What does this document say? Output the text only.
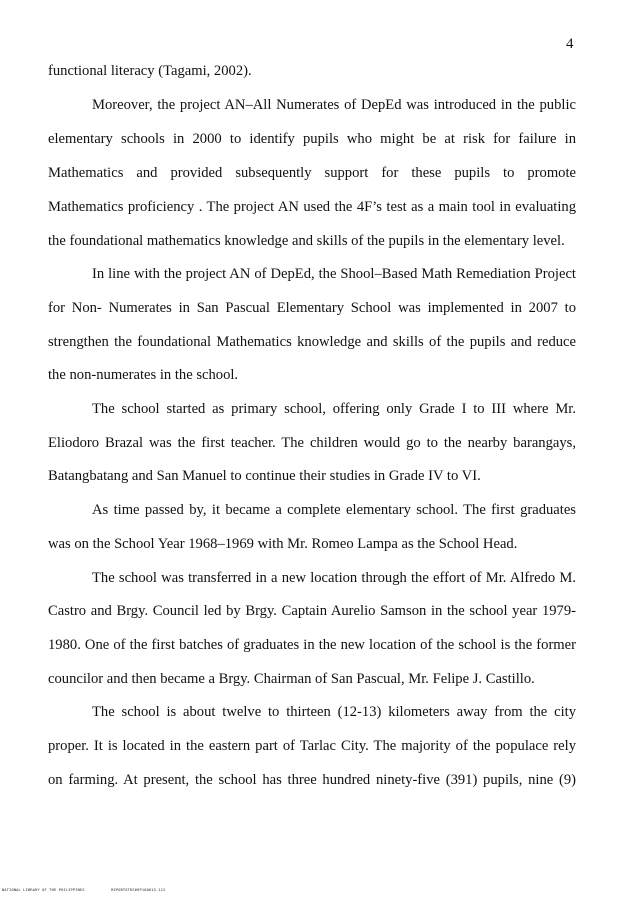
4
functional literacy (Tagami, 2002).
Moreover, the project AN–All Numerates of DepEd was introduced in the public
elementary schools in 2000 to identify pupils who might be at risk for failure in
Mathematics and provided subsequently support for these pupils to promote
Mathematics proficiency . The project AN used the 4F’s test as a main tool in evaluating
the foundational mathematics knowledge and skills of the pupils in the elementary level.
In line with the project AN of DepEd, the Shool–Based Math Remediation Project
for Non- Numerates in San Pascual Elementary School was implemented in 2007 to
strengthen the foundational Mathematics knowledge and skills of the pupils and reduce
the non-numerates in the school.
The school started as primary school, offering only Grade I to III where Mr.
Eliodoro Brazal was the first teacher. The children would go to the nearby barangays,
Batangbatang and San Manuel to continue their studies in Grade IV to VI.
As time passed by, it became a complete elementary school. The first graduates
was on the School Year 1968–1969 with Mr. Romeo Lampa as the School Head.
The school was transferred in a new location through the effort of Mr. Alfredo M.
Castro and Brgy. Council led by Brgy. Captain Aurelio Samson in the school year 1979-
1980. One of the first batches of graduates in the new location of the school is the former
councilor and then became a Brgy. Chairman of San Pascual, Mr. Felipe J. Castillo.
The school is about twelve to thirteen (12-13) kilometers away from the city
proper. It is located in the eastern part of Tarlac City. The majority of the populace rely
on farming. At present, the school has three hundred ninety-five (391) pupils, nine (9)
NATIONAL LIBRARY OF THE PHILIPPINES	REPORTOTRS09P16001S-112
